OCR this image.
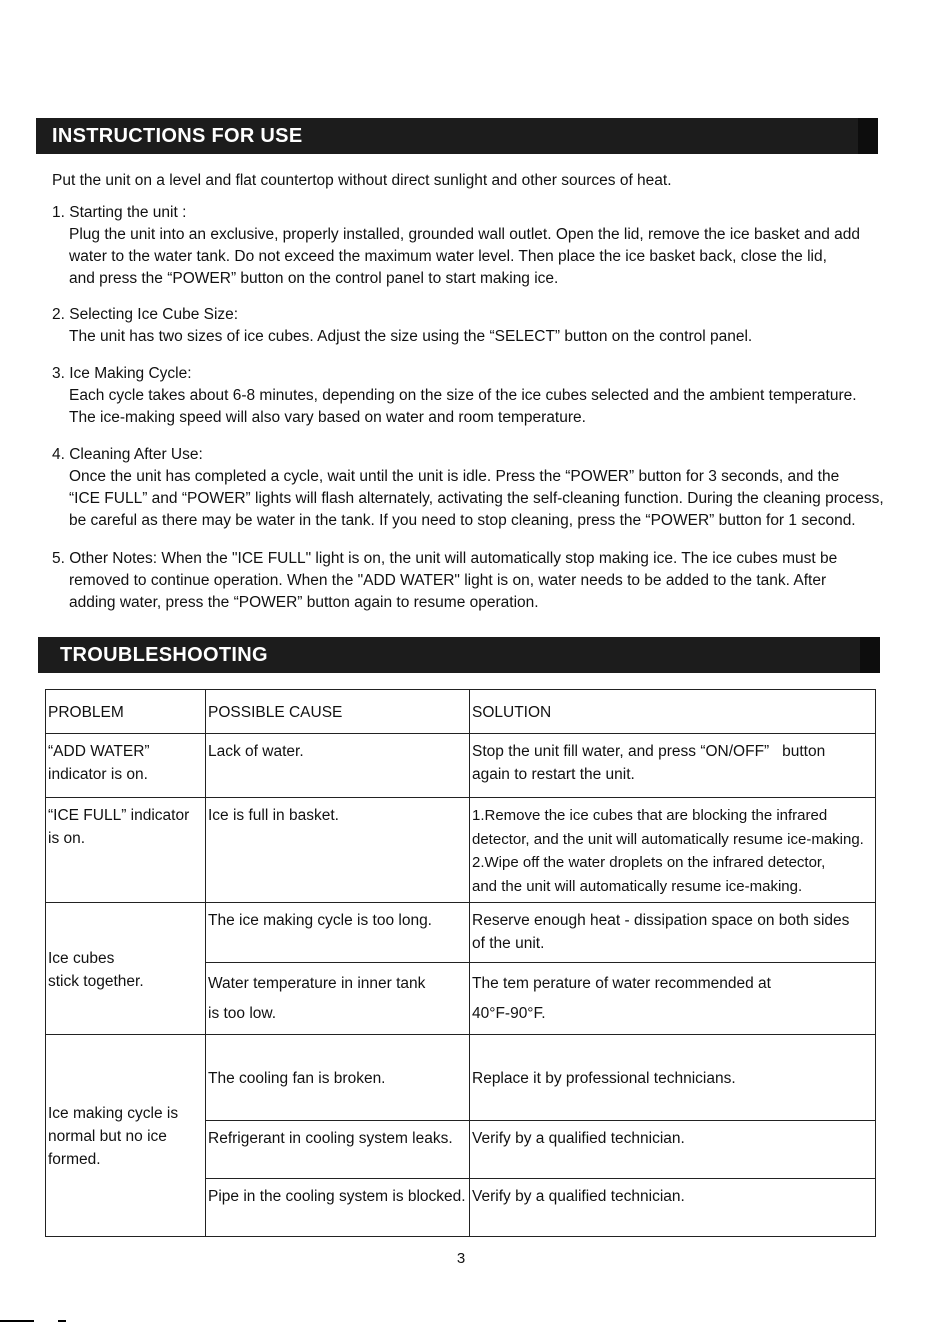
INSTRUCTIONS FOR USE
Put the unit on a level and flat countertop without direct sunlight and other sources of heat.
1. Starting the unit :
Plug the unit into an exclusive, properly installed, grounded wall outlet. Open the lid, remove the ice basket and add
water to the water tank. Do not exceed the maximum water level. Then place the ice basket back, close the lid,
and press the “POWER” button on the control panel to start making ice.
2. Selecting Ice Cube Size:
The unit has two sizes of ice cubes. Adjust the size using the “SELECT” button on the control panel.
3. Ice Making Cycle:
Each cycle takes about 6-8 minutes, depending on the size of the ice cubes selected and the ambient temperature.
The ice-making speed will also vary based on water and room temperature.
4. Cleaning After Use:
Once the unit has completed a cycle, wait until the unit is idle. Press the “POWER” button for 3 seconds, and the
“ICE FULL” and “POWER” lights will flash alternately, activating the self-cleaning function. During the cleaning process,
be careful as there may be water in the tank. If you need to stop cleaning, press the “POWER” button for 1 second.
5. Other Notes: When the "ICE FULL" light is on, the unit will automatically stop making ice. The ice cubes must be
removed to continue operation. When the "ADD WATER" light is on, water needs to be added to the tank. After
adding water, press the “POWER” button again to resume operation.
TROUBLESHOOTING
PROBLEM	POSSIBLE CAUSE	SOLUTION

“ADD WATER”
indicator is on.	Lack of water.	Stop the unit fill water, and press “ON/OFF”   button
again to restart the unit.

“ICE FULL” indicator
is on.	Ice is full in basket.	1.Remove the ice cubes that are blocking the infrared
detector, and the unit will automatically resume ice-making.
2.Wipe off the water droplets on the infrared detector,
and the unit will automatically resume ice-making.

Ice cubes
stick together.	The ice making cycle is too long.	Reserve enough heat - dissipation space on both sides
of the unit.

	Water temperature in inner tank
is too low.	The tem perature of water recommended at
40°F-90°F.

Ice making cycle is
normal but no ice
formed.	The cooling fan is broken.	Replace it by professional technicians.

	Refrigerant in cooling system leaks.	Verify by a qualified technician.

	Pipe in the cooling system is blocked.	Verify by a qualified technician.
3
